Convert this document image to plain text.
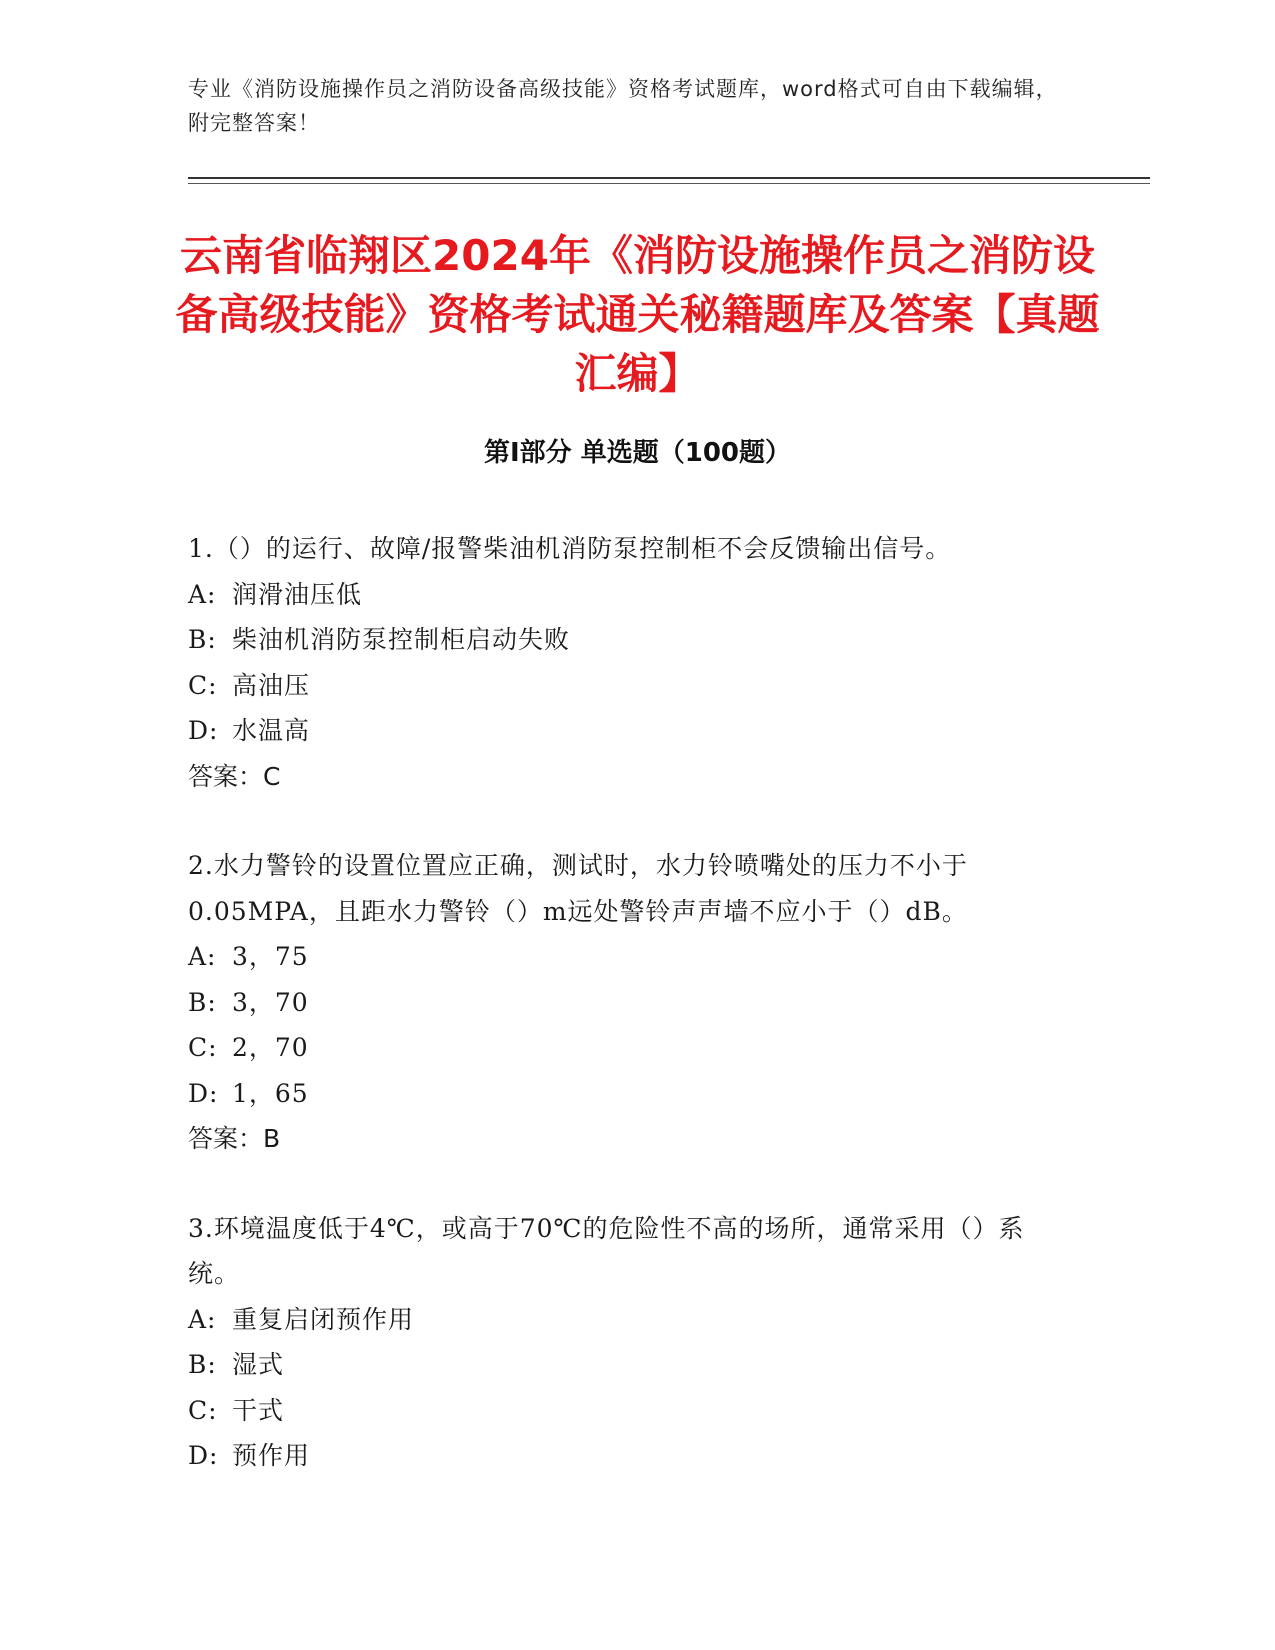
专业《消防设施操作员之消防设备高级技能》资格考试题库，word格式可自由下载编辑，附完整答案！
云南省临翔区2024年《消防设施操作员之消防设备高级技能》资格考试通关秘籍题库及答案【真题汇编】
第Ⅰ部分 单选题（100题）

1.（）的运行、故障/报警柴油机消防泵控制柜不会反馈输出信号。

A: 润滑油压低

B: 柴油机消防泵控制柜启动失败

C: 高油压

D: 水温高

答案：C

2.水力警铃的设置位置应正确，测试时，水力铃喷嘴处的压力不小于0.05MPA，且距水力警铃（）m远处警铃声声墙不应小于（）dB。

A: 3，75

B: 3，70

C: 2，70

D: 1，65

答案：B

3.环境温度低于4℃，或高于70℃的危险性不高的场所，通常采用（）系统。

A: 重复启闭预作用

B: 湿式

C: 干式

D: 预作用
